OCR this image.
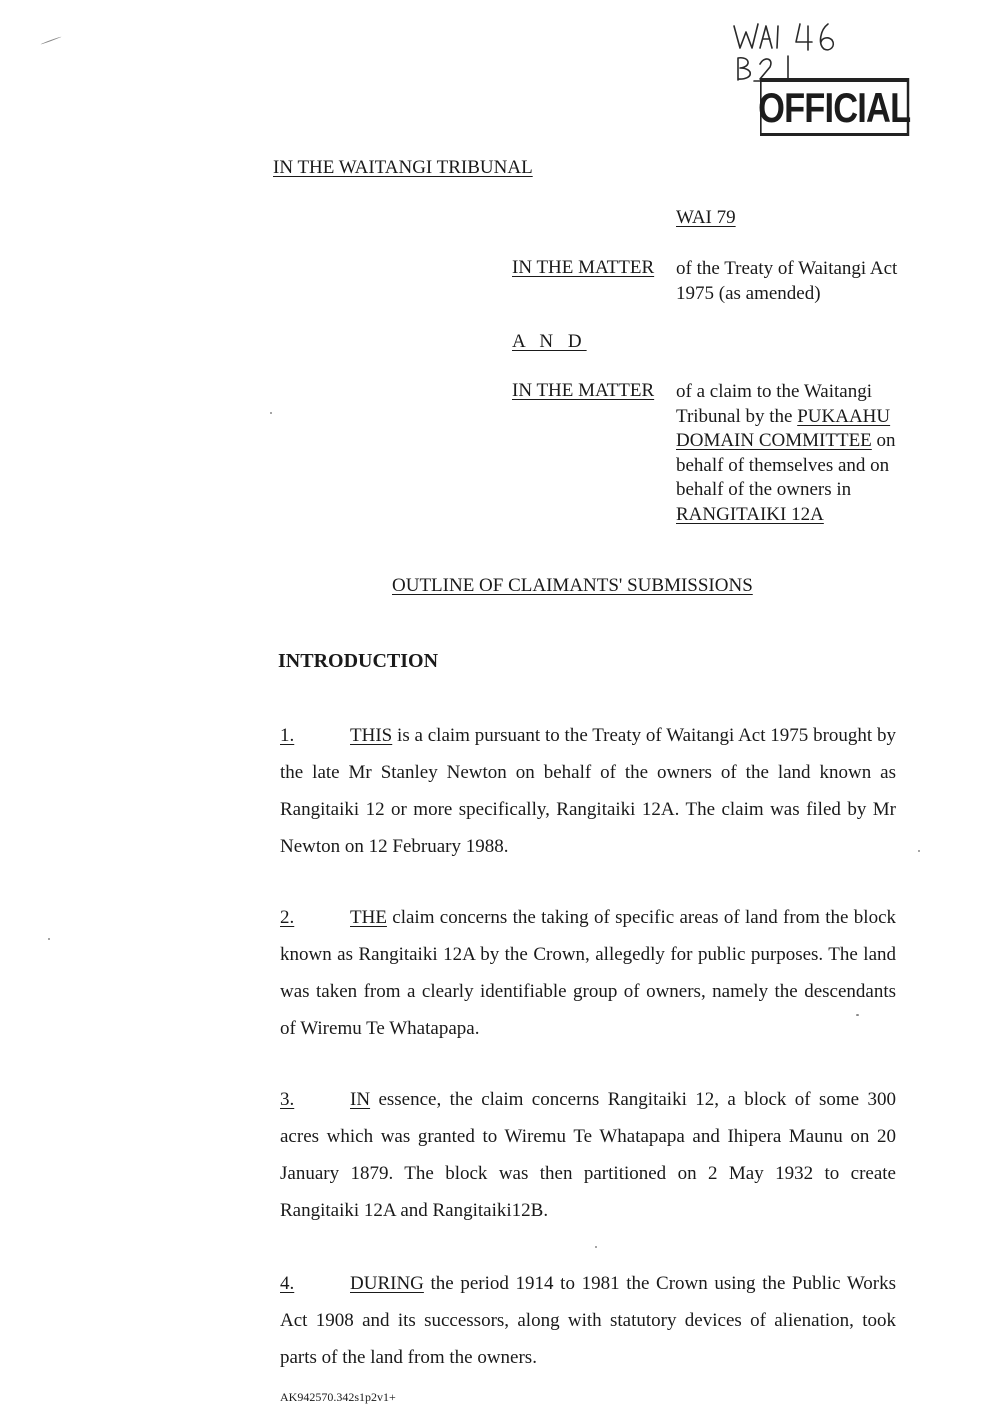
OFFICIAL
IN THE WAITANGI TRIBUNAL
WAI 79
IN THE MATTER of the Treaty of Waitangi Act 1975 (as amended)
A N D
IN THE MATTER of a claim to the Waitangi Tribunal by the PUKAAHU DOMAIN COMMITTEE on behalf of themselves and on behalf of the owners in RANGITAIKI 12A
OUTLINE OF CLAIMANTS' SUBMISSIONS
INTRODUCTION
1.	THIS is a claim pursuant to the Treaty of Waitangi Act 1975 brought by the late Mr Stanley Newton on behalf of the owners of the land known as Rangitaiki 12 or more specifically, Rangitaiki 12A. The claim was filed by Mr Newton on 12 February 1988.
2.	THE claim concerns the taking of specific areas of land from the block known as Rangitaiki 12A by the Crown, allegedly for public purposes. The land was taken from a clearly identifiable group of owners, namely the descendants of Wiremu Te Whatapapa.
3.	IN essence, the claim concerns Rangitaiki 12, a block of some 300 acres which was granted to Wiremu Te Whatapapa and Ihipera Maunu on 20 January 1879. The block was then partitioned on 2 May 1932 to create Rangitaiki 12A and Rangitaiki12B.
4.	DURING the period 1914 to 1981 the Crown using the Public Works Act 1908 and its successors, along with statutory devices of alienation, took parts of the land from the owners.
AK942570.342s1p2v1+
